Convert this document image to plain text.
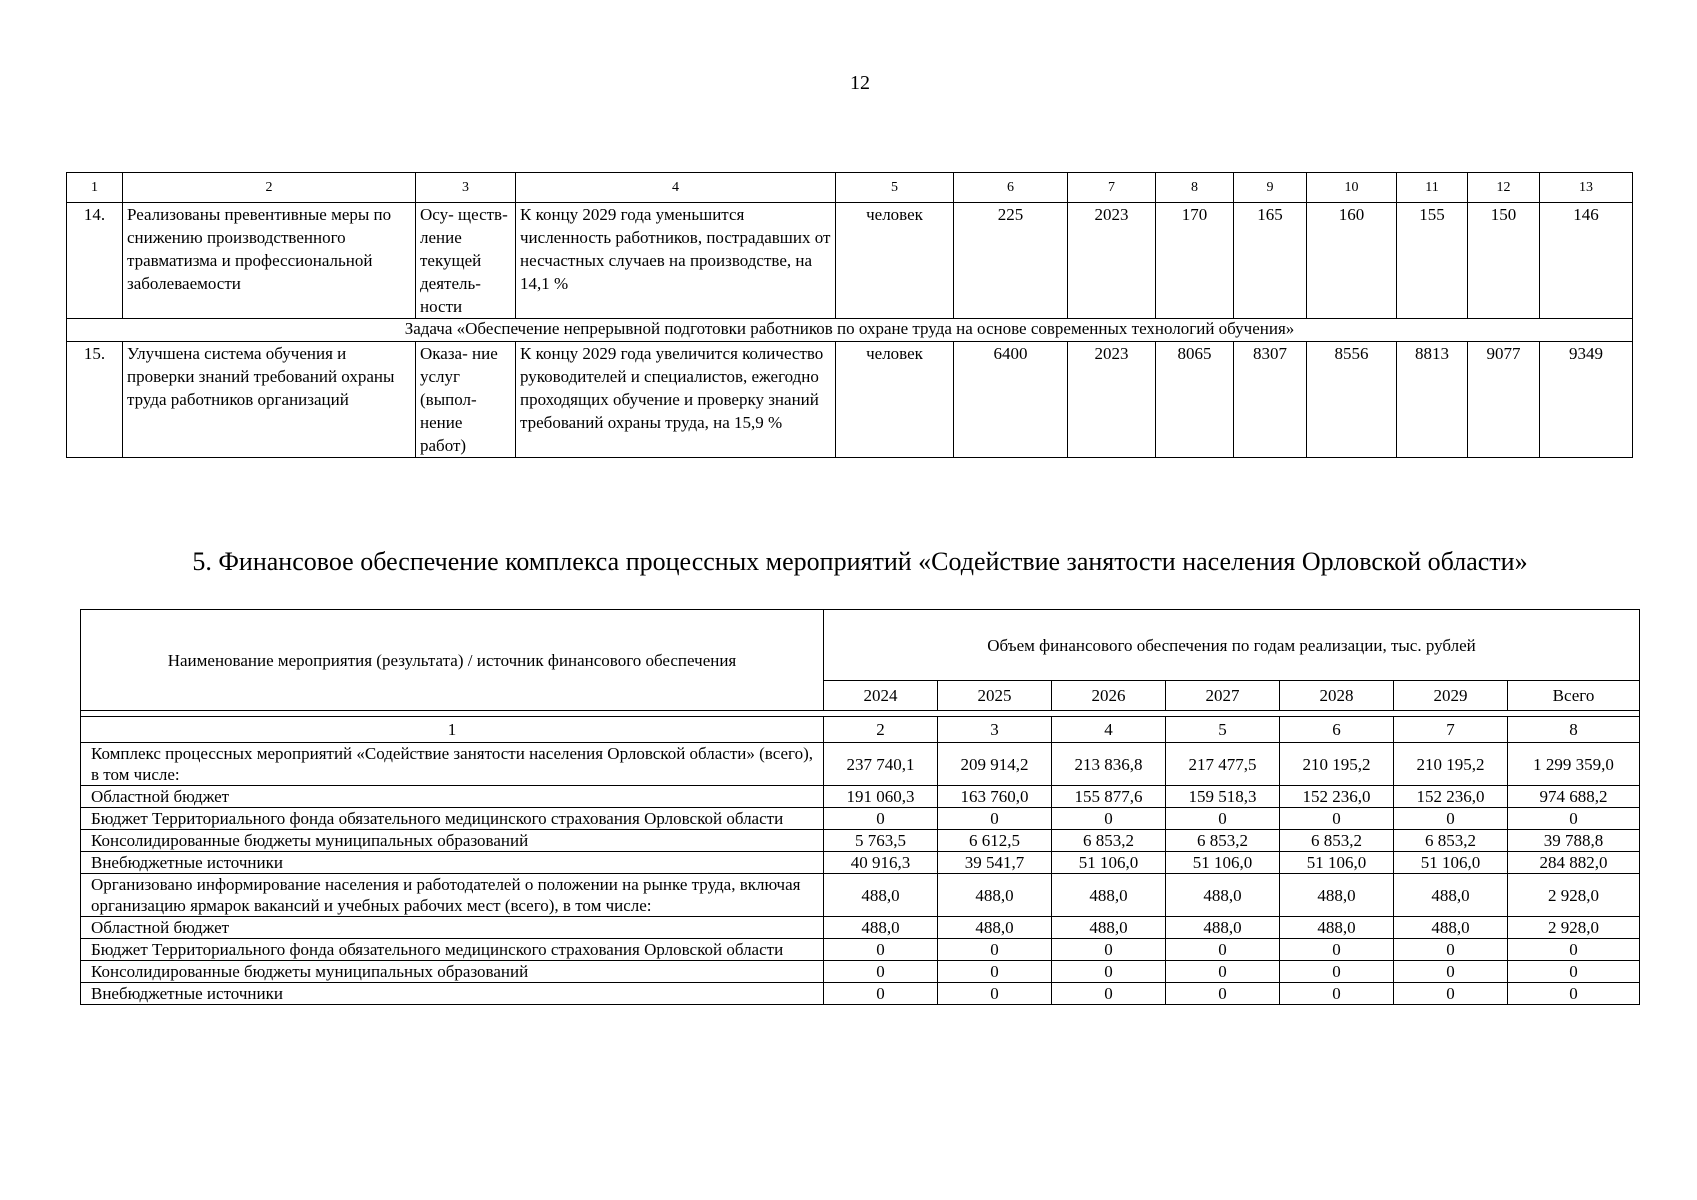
12
1	2	3	4	5	6	7	8	9	10	11	12	13
14.	Реализованы превентивные меры по снижению производственного травматизма и профессиональной заболеваемости	Осу- ществ- ление текущей деятель- ности	К концу 2029 года уменьшится численность работников, пострадавших от несчастных случаев на производстве, на 14,1 %	человек	225	2023	170	165	160	155	150	146
Задача «Обеспечение непрерывной подготовки работников по охране труда на основе современных технологий обучения»												
15.	Улучшена система обучения и проверки знаний требований охраны труда работников организаций	Оказа- ние услуг (выпол- нение работ)	К концу 2029 года увеличится количество руководителей и специалистов, ежегодно проходящих обучение и проверку знаний требований охраны труда, на 15,9 %	человек	6400	2023	8065	8307	8556	8813	9077	9349
5. Финансовое обеспечение комплекса процессных мероприятий «Содействие занятости населения Орловской области»
Наименование мероприятия (результата) / источник финансового обеспечения	Объем финансового обеспечения по годам реализации, тыс. рублей						
	2024	2025	2026	2027	2028	2029	Всего

1	2	3	4	5	6	7	8
Комплекс процессных мероприятий «Содействие занятости населения Орловской области» (всего), в том числе:	237 740,1	209 914,2	213 836,8	217 477,5	210 195,2	210 195,2	1 299 359,0
Областной бюджет	191 060,3	163 760,0	155 877,6	159 518,3	152 236,0	152 236,0	974 688,2
Бюджет Территориального фонда обязательного медицинского страхования Орловской области	0	0	0	0	0	0	0
Консолидированные бюджеты муниципальных образований	5 763,5	6 612,5	6 853,2	6 853,2	6 853,2	6 853,2	39 788,8
Внебюджетные источники	40 916,3	39 541,7	51 106,0	51 106,0	51 106,0	51 106,0	284 882,0
Организовано информирование населения и работодателей о положении на рынке труда, включая организацию ярмарок вакансий и учебных рабочих мест (всего), в том числе:	488,0	488,0	488,0	488,0	488,0	488,0	2 928,0
Областной бюджет	488,0	488,0	488,0	488,0	488,0	488,0	2 928,0
Бюджет Территориального фонда обязательного медицинского страхования Орловской области	0	0	0	0	0	0	0
Консолидированные бюджеты муниципальных образований	0	0	0	0	0	0	0
Внебюджетные источники	0	0	0	0	0	0	0
